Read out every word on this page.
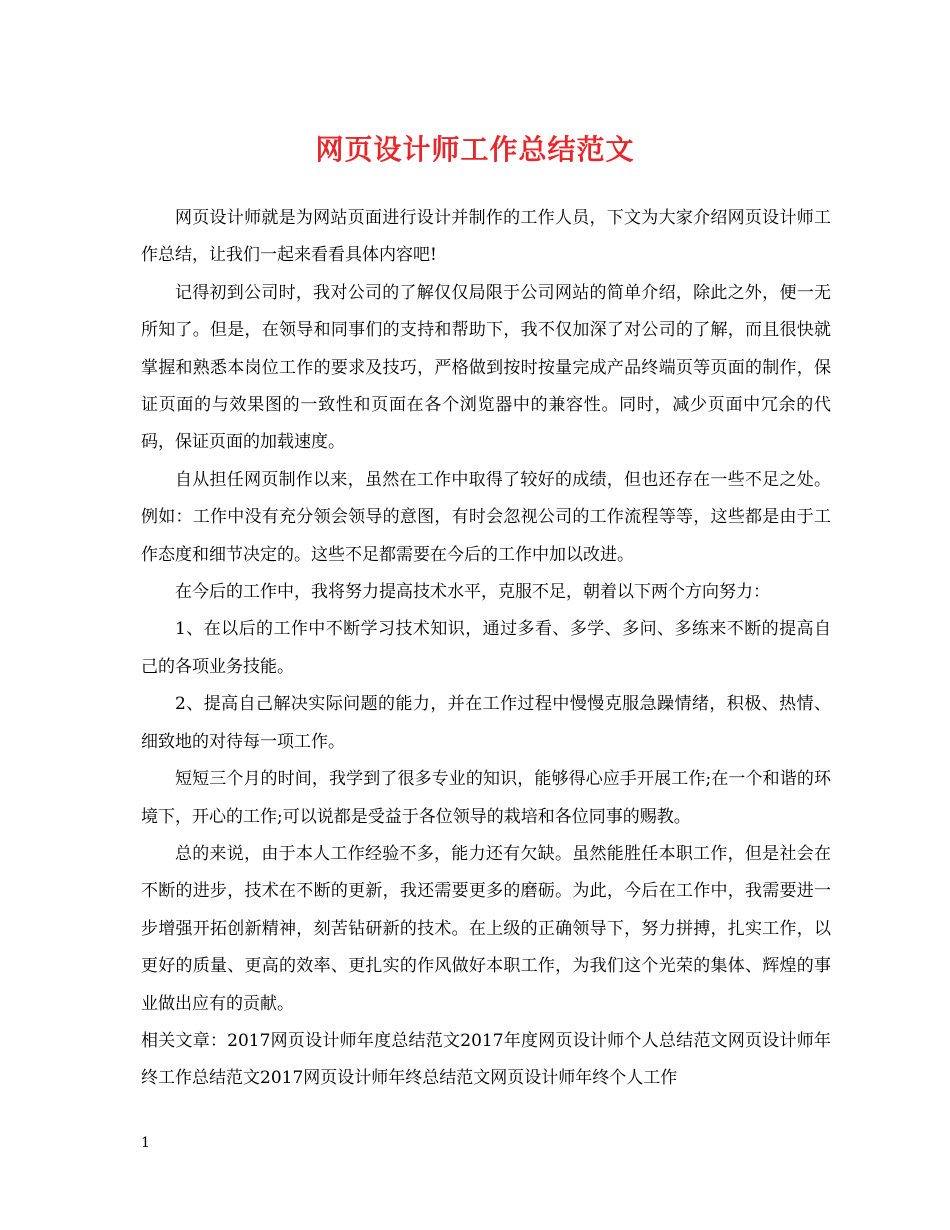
网页设计师工作总结范文

网页设计师就是为网站页面进行设计并制作的工作人员，下文为大家介绍网页设计师工作总结，让我们一起来看看具体内容吧!

记得初到公司时，我对公司的了解仅仅局限于公司网站的简单介绍，除此之外，便一无所知了。但是，在领导和同事们的支持和帮助下，我不仅加深了对公司的了解，而且很快就掌握和熟悉本岗位工作的要求及技巧，严格做到按时按量完成产品终端页等页面的制作，保证页面的与效果图的一致性和页面在各个浏览器中的兼容性。同时，减少页面中冗余的代码，保证页面的加载速度。

自从担任网页制作以来，虽然在工作中取得了较好的成绩，但也还存在一些不足之处。例如：工作中没有充分领会领导的意图，有时会忽视公司的工作流程等等，这些都是由于工作态度和细节决定的。这些不足都需要在今后的工作中加以改进。

在今后的工作中，我将努力提高技术水平，克服不足，朝着以下两个方向努力：

1、在以后的工作中不断学习技术知识，通过多看、多学、多问、多练来不断的提高自己的各项业务技能。

2、提高自己解决实际问题的能力，并在工作过程中慢慢克服急躁情绪，积极、热情、细致地的对待每一项工作。

短短三个月的时间，我学到了很多专业的知识，能够得心应手开展工作;在一个和谐的环境下，开心的工作;可以说都是受益于各位领导的栽培和各位同事的赐教。

总的来说，由于本人工作经验不多，能力还有欠缺。虽然能胜任本职工作，但是社会在不断的进步，技术在不断的更新，我还需要更多的磨砺。为此，今后在工作中，我需要进一步增强开拓创新精神，刻苦钻研新的技术。在上级的正确领导下，努力拼搏，扎实工作，以更好的质量、更高的效率、更扎实的作风做好本职工作，为我们这个光荣的集体、辉煌的事业做出应有的贡献。

相关文章：2017网页设计师年度总结范文2017年度网页设计师个人总结范文网页设计师年终工作总结范文2017网页设计师年终总结范文网页设计师年终个人工作

1
